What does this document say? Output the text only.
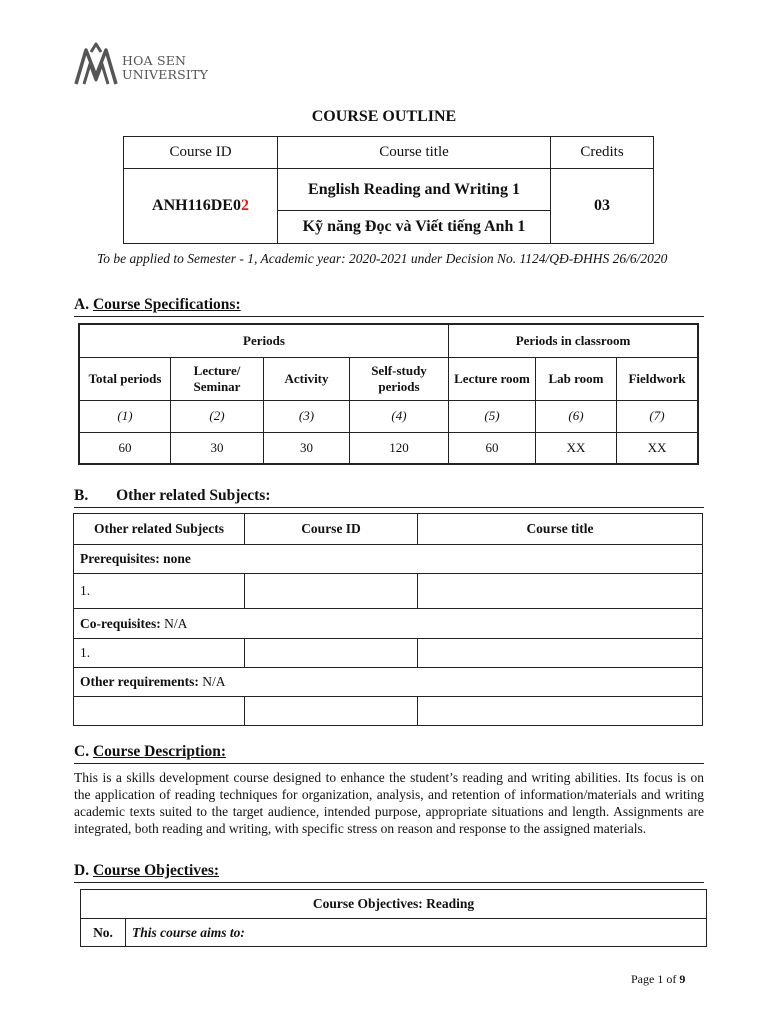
HOA SEN
UNIVERSITY
COURSE OUTLINE
Course ID	Course title	Credits
ANH116DE02	English Reading and Writing 1	03
	Kỹ năng Đọc và Viết tiếng Anh 1	
To be applied to Semester - 1, Academic year: 2020-2021 under Decision No. 1124/QĐ-ĐHHS 26/6/2020
A. Course Specifications:
Periods				Periods in classroom		
Total periods	Lecture/ Seminar	Activity	Self-study periods	Lecture room	Lab room	Fieldwork
(1)	(2)	(3)	(4)	(5)	(6)	(7)
60	30	30	120	60	XX	XX
B. Other related Subjects:
Other related Subjects	Course ID	Course title
Prerequisites: none		
1.		
Co-requisites: N/A		
1.		
Other requirements: N/A		

C. Course Description:
This is a skills development course designed to enhance the student’s reading and writing abilities. Its focus is on the application of reading techniques for organization, analysis, and retention of information/materials and writing academic texts suited to the target audience, intended purpose, appropriate situations and length. Assignments are integrated, both reading and writing, with specific stress on reason and response to the assigned materials.
D. Course Objectives:
Course Objectives: Reading
No.	This course aims to:
Page 1 of 9
